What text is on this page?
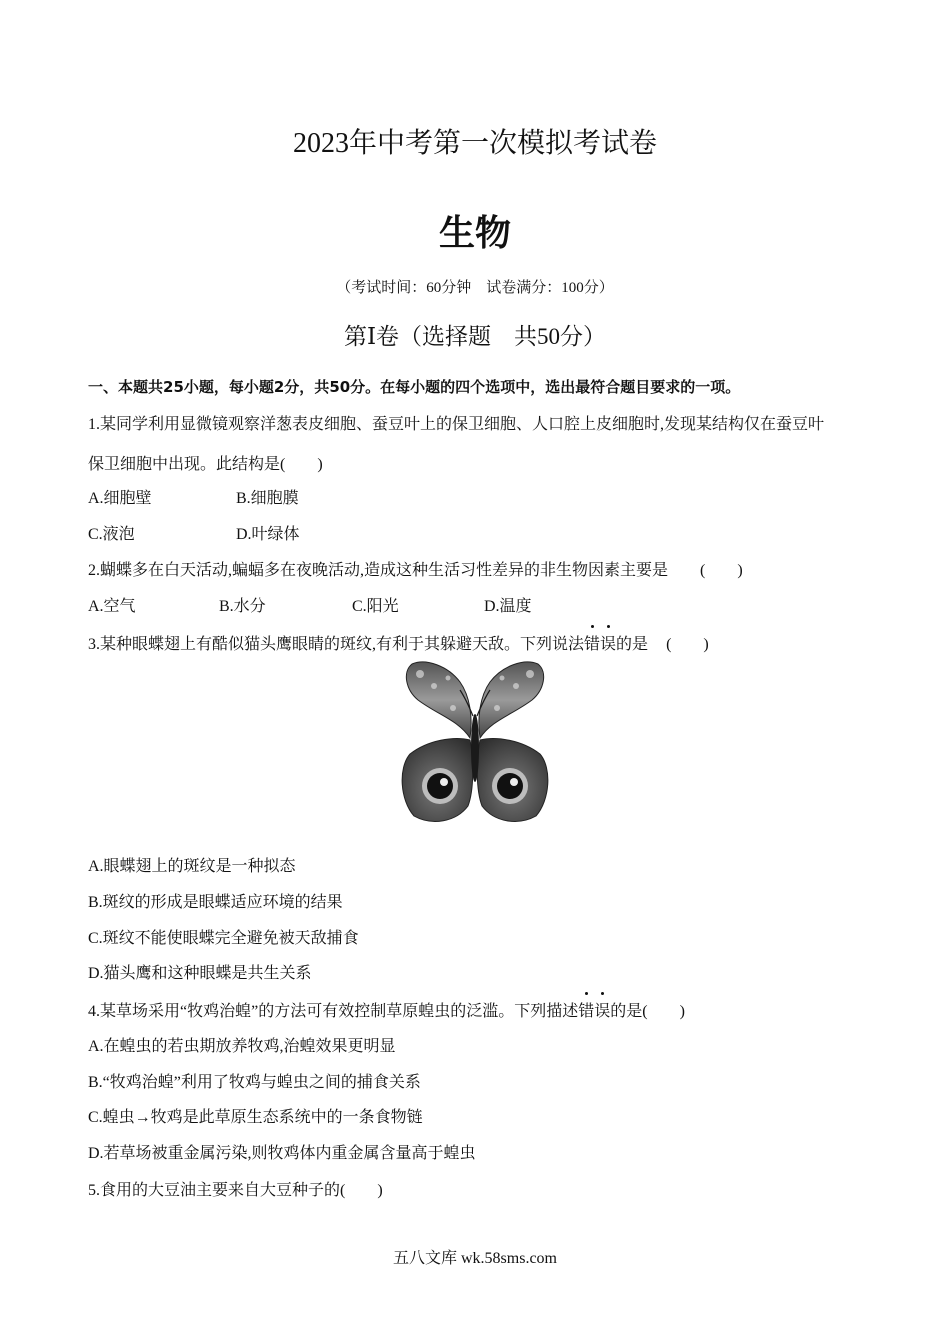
2023年中考第一次模拟考试卷
生物
（考试时间：60分钟　试卷满分：100分）
第Ⅰ卷（选择题　共50分）
一、本题共25小题，每小题2分，共50分。在每小题的四个选项中，选出最符合题目要求的一项。
1.某同学利用显微镜观察洋葱表皮细胞、蚕豆叶上的保卫细胞、人口腔上皮细胞时,发现某结构仅在蚕豆叶
保卫细胞中出现。此结构是(　　)
A.细胞壁	B.细胞膜
C.液泡	D.叶绿体
2.蝴蝶多在白天活动,蝙蝠多在夜晚活动,造成这种生活习性差异的非生物因素主要是 (　　)
A.空气	B.水分	C.阳光	D.温度
3.某种眼蝶翅上有酷似猫头鹰眼睛的斑纹,有利于其躲避天敌。下列说法错误的是 (　　)
A.眼蝶翅上的斑纹是一种拟态
B.斑纹的形成是眼蝶适应环境的结果
C.斑纹不能使眼蝶完全避免被天敌捕食
D.猫头鹰和这种眼蝶是共生关系
4.某草场采用“牧鸡治蝗”的方法可有效控制草原蝗虫的泛滥。下列描述错误的是(　　)
A.在蝗虫的若虫期放养牧鸡,治蝗效果更明显
B.“牧鸡治蝗”利用了牧鸡与蝗虫之间的捕食关系
C.蝗虫→牧鸡是此草原生态系统中的一条食物链
D.若草场被重金属污染,则牧鸡体内重金属含量高于蝗虫
5.食用的大豆油主要来自大豆种子的(　　)
五八文库 wk.58sms.com
